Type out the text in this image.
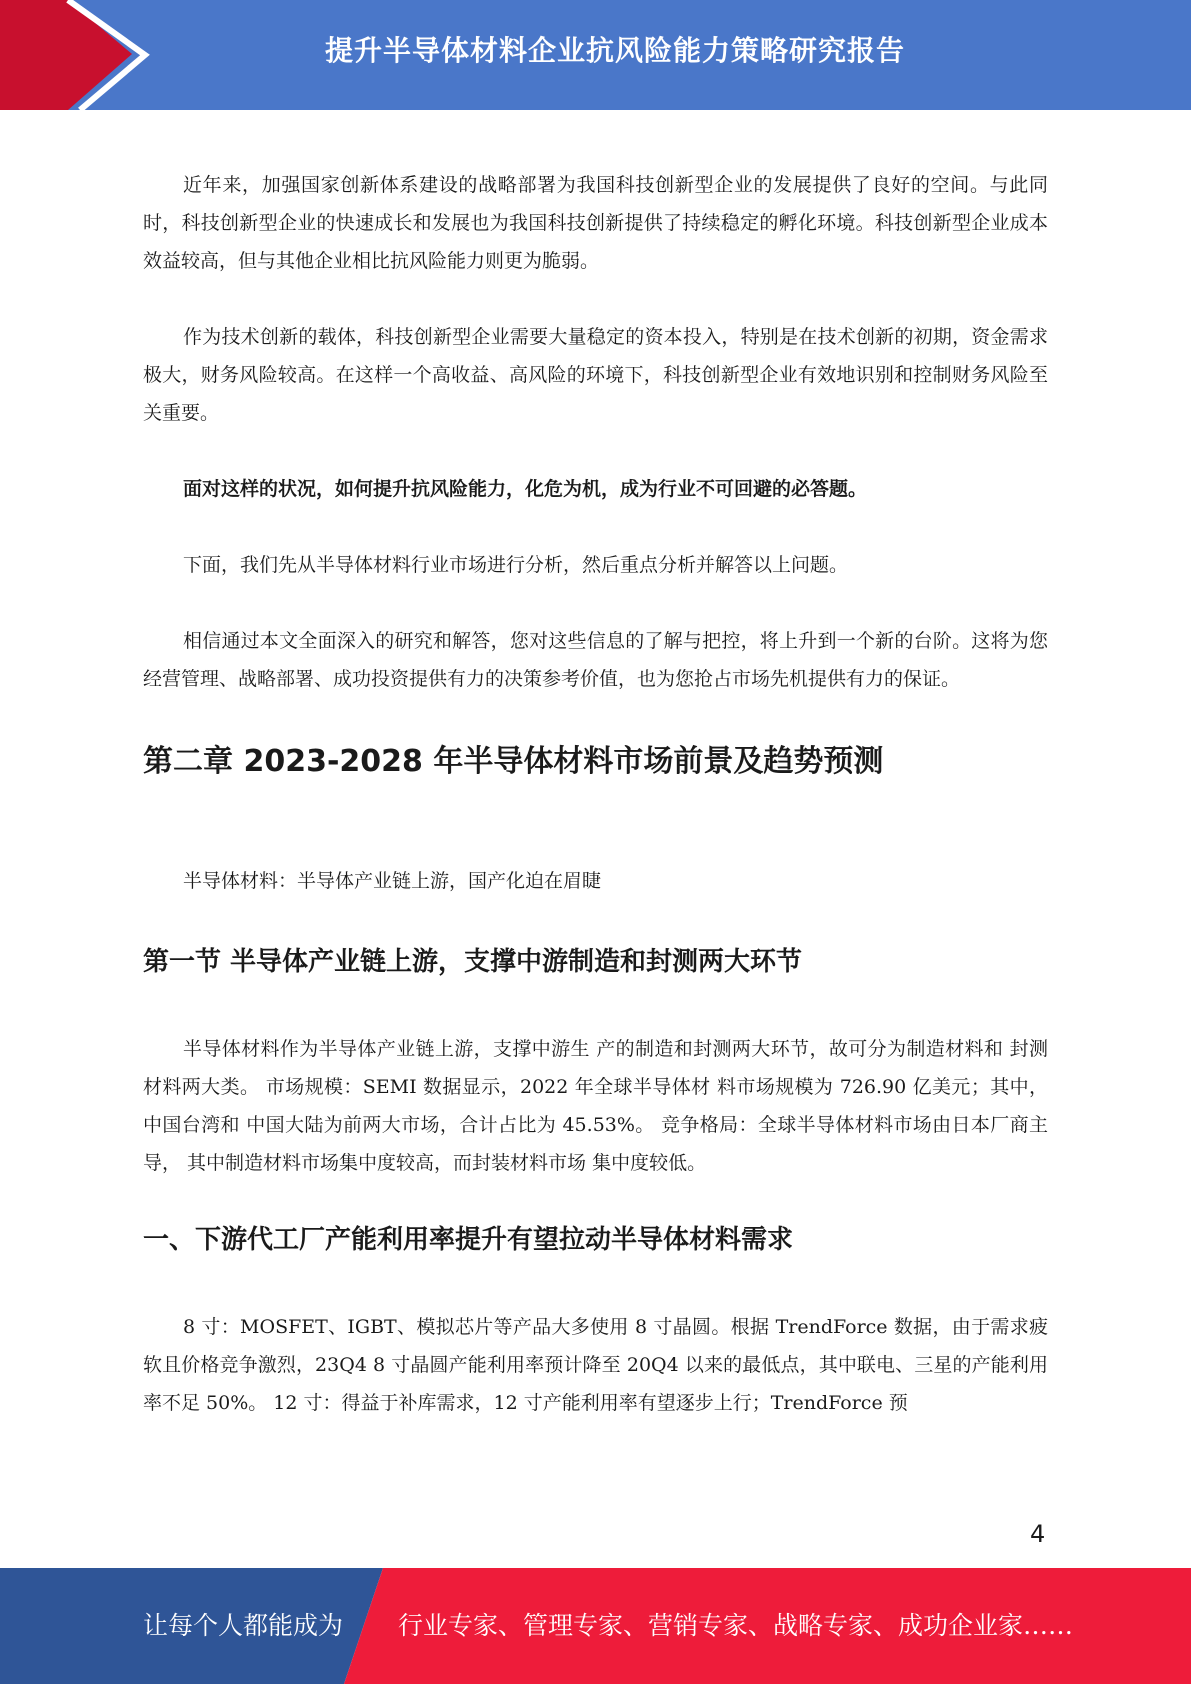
提升半导体材料企业抗风险能力策略研究报告

近年来，加强国家创新体系建设的战略部署为我国科技创新型企业的发展提供了良好的空间。与此同时，科技创新型企业的快速成长和发展也为我国科技创新提供了持续稳定的孵化环境。科技创新型企业成本效益较高，但与其他企业相比抗风险能力则更为脆弱。

作为技术创新的载体，科技创新型企业需要大量稳定的资本投入，特别是在技术创新的初期，资金需求极大，财务风险较高。在这样一个高收益、高风险的环境下，科技创新型企业有效地识别和控制财务风险至关重要。

面对这样的状况，如何提升抗风险能力，化危为机，成为行业不可回避的必答题。

下面，我们先从半导体材料行业市场进行分析，然后重点分析并解答以上问题。

相信通过本文全面深入的研究和解答，您对这些信息的了解与把控，将上升到一个新的台阶。这将为您经营管理、战略部署、成功投资提供有力的决策参考价值，也为您抢占市场先机提供有力的保证。

第二章 2023-2028 年半导体材料市场前景及趋势预测

半导体材料：半导体产业链上游，国产化迫在眉睫

第一节 半导体产业链上游，支撑中游制造和封测两大环节

半导体材料作为半导体产业链上游，支撑中游生 产的制造和封测两大环节，故可分为制造材料和 封测材料两大类。 市场规模：SEMI 数据显示，2022 年全球半导体材 料市场规模为 726.90 亿美元；其中，中国台湾和 中国大陆为前两大市场，合计占比为 45.53%。 竞争格局：全球半导体材料市场由日本厂商主导， 其中制造材料市场集中度较高，而封装材料市场 集中度较低。

一、下游代工厂产能利用率提升有望拉动半导体材料需求

8 寸：MOSFET、IGBT、模拟芯片等产品大多使用 8 寸晶圆。根据 TrendForce 数据，由于需求疲软且价格竞争激烈，23Q4 8 寸晶圆产能利用率预计降至 20Q4 以来的最低点，其中联电、三星的产能利用率不足 50%。 12 寸：得益于补库需求，12 寸产能利用率有望逐步上行；TrendForce 预

4
让每个人都能成为 行业专家、管理专家、营销专家、战略专家、成功企业家……
